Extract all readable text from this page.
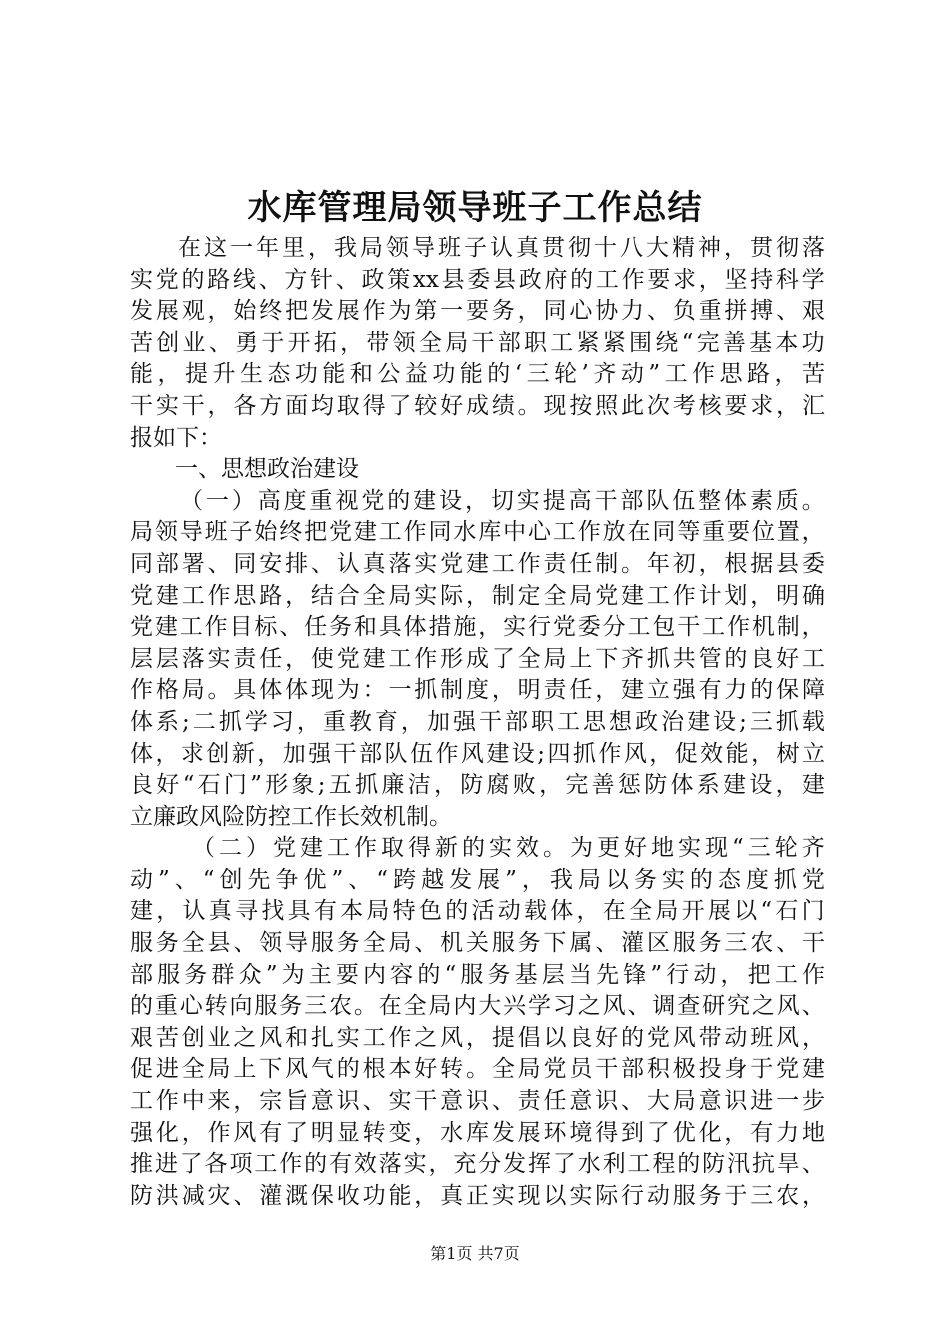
水库管理局领导班子工作总结
在 这 一 年 里 ， 我 局 领 导 班 子 认 真 贯 彻 十 八 大 精 神 ， 贯 彻 落
实 党 的 路 线 、 方 针 、 政 策 xx 县 委 县 政 府 的 工 作 要 求 ， 坚 持 科 学
发 展 观 ， 始 终 把 发 展 作 为 第 一 要 务 ， 同 心 协 力 、 负 重 拼 搏 、 艰
苦 创 业 、 勇 于 开 拓 ， 带 领 全 局 干 部 职 工 紧 紧 围 绕 “ 完 善 基 本 功
能 ， 提 升 生 态 功 能 和 公 益 功 能 的 ‘ 三 轮 ’ 齐 动 ” 工 作 思 路 ， 苦
干 实 干 ， 各 方 面 均 取 得 了 较 好 成 绩 。 现 按 照 此 次 考 核 要 求 ， 汇
报如下：
一、思想政治建设
（ 一 ） 高 度 重 视 党 的 建 设 ， 切 实 提 高 干 部 队 伍 整 体 素 质 。
局 领 导 班 子 始 终 把 党 建 工 作 同 水 库 中 心 工 作 放 在 同 等 重 要 位 置 ，
同 部 署 、 同 安 排 、 认 真 落 实 党 建 工 作 责 任 制 。 年 初 ， 根 据 县 委
党 建 工 作 思 路 ， 结 合 全 局 实 际 ， 制 定 全 局 党 建 工 作 计 划 ， 明 确
党 建 工 作 目 标 、 任 务 和 具 体 措 施 ， 实 行 党 委 分 工 包 干 工 作 机 制 ，
层 层 落 实 责 任 ， 使 党 建 工 作 形 成 了 全 局 上 下 齐 抓 共 管 的 良 好 工
作 格 局 。 具 体 体 现 为 ： 一 抓 制 度 ， 明 责 任 ， 建 立 强 有 力 的 保 障
体 系 ; 二 抓 学 习 ， 重 教 育 ， 加 强 干 部 职 工 思 想 政 治 建 设 ; 三 抓 载
体 ， 求 创 新 ， 加 强 干 部 队 伍 作 风 建 设 ; 四 抓 作 风 ， 促 效 能 ， 树 立
良 好 “ 石 门 ” 形 象 ; 五 抓 廉 洁 ， 防 腐 败 ， 完 善 惩 防 体 系 建 设 ， 建
立廉政风险防控工作长效机制。
（ 二 ） 党 建 工 作 取 得 新 的 实 效 。 为 更 好 地 实 现 “ 三 轮 齐
动 ” 、 “ 创 先 争 优 ” 、 “ 跨 越 发 展 ” ， 我 局 以 务 实 的 态 度 抓 党
建 ， 认 真 寻 找 具 有 本 局 特 色 的 活 动 载 体 ， 在 全 局 开 展 以 “ 石 门
服 务 全 县 、 领 导 服 务 全 局 、 机 关 服 务 下 属 、 灌 区 服 务 三 农 、 干
部 服 务 群 众 ” 为 主 要 内 容 的 “ 服 务 基 层 当 先 锋 ” 行 动 ， 把 工 作
的 重 心 转 向 服 务 三 农 。 在 全 局 内 大 兴 学 习 之 风 、 调 查 研 究 之 风 、
艰 苦 创 业 之 风 和 扎 实 工 作 之 风 ， 提 倡 以 良 好 的 党 风 带 动 班 风 ，
促 进 全 局 上 下 风 气 的 根 本 好 转 。 全 局 党 员 干 部 积 极 投 身 于 党 建
工 作 中 来 ， 宗 旨 意 识 、 实 干 意 识 、 责 任 意 识 、 大 局 意 识 进 一 步
强 化 ， 作 风 有 了 明 显 转 变 ， 水 库 发 展 环 境 得 到 了 优 化 ， 有 力 地
推 进 了 各 项 工 作 的 有 效 落 实 ， 充 分 发 挥 了 水 利 工 程 的 防 汛 抗 旱 、
防 洪 减 灾 、 灌 溉 保 收 功 能 ， 真 正 实 现 以 实 际 行 动 服 务 于 三 农 ，
第1页 共7页
